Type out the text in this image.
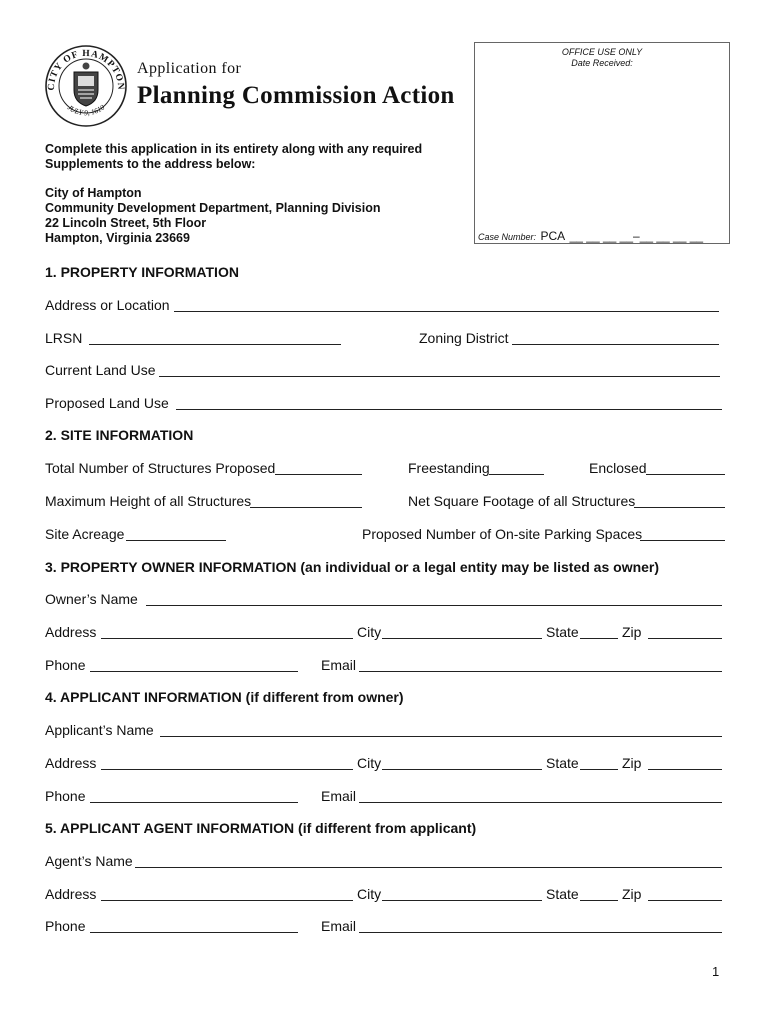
CITY OF HAMPTON
JULY 9, 1610
Application for
Planning Commission Action
OFFICE USE ONLY
Date Received:
Case Number: PCA __ __ __ __–__ __ __ __
Complete this application in its entirety along with any required
Supplements to the address below:
City of Hampton
Community Development Department, Planning Division
22 Lincoln Street, 5th Floor
Hampton, Virginia 23669
1. PROPERTY INFORMATION
Address or Location
LRSN	Zoning District
Current Land Use
Proposed Land Use
2. SITE INFORMATION
Total Number of Structures Proposed	Freestanding	Enclosed
Maximum Height of all Structures	Net Square Footage of all Structures
Site Acreage	Proposed Number of On-site Parking Spaces
3. PROPERTY OWNER INFORMATION (an individual or a legal entity may be listed as owner)
Owner’s Name
Address	City	State	Zip
Phone	Email
4. APPLICANT INFORMATION (if different from owner)
Applicant’s Name
Address	City	State	Zip
Phone	Email
5. APPLICANT AGENT INFORMATION (if different from applicant)
Agent’s Name
Address	City	State	Zip
Phone	Email
1
